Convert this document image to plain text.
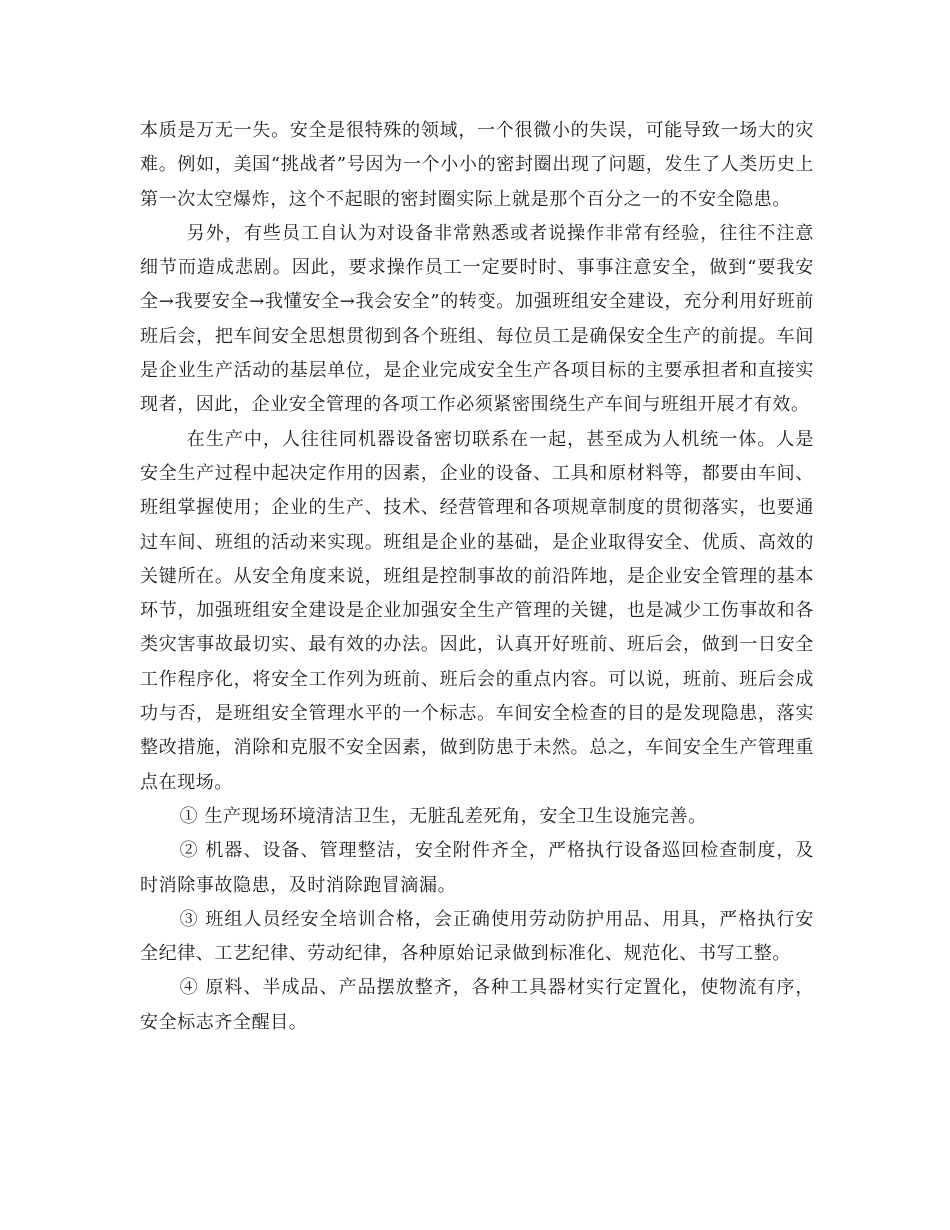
本质是万无一失。安全是很特殊的领域，一个很微小的失误，可能导致一场大的灾难。例如，美国“挑战者”号因为一个小小的密封圈出现了问题，发生了人类历史上第一次太空爆炸，这个不起眼的密封圈实际上就是那个百分之一的不安全隐患。

另外，有些员工自认为对设备非常熟悉或者说操作非常有经验，往往不注意细节而造成悲剧。因此，要求操作员工一定要时时、事事注意安全，做到“要我安全→我要安全→我懂安全→我会安全”的转变。加强班组安全建设，充分利用好班前班后会，把车间安全思想贯彻到各个班组、每位员工是确保安全生产的前提。车间是企业生产活动的基层单位，是企业完成安全生产各项目标的主要承担者和直接实现者，因此，企业安全管理的各项工作必须紧密围绕生产车间与班组开展才有效。

在生产中，人往往同机器设备密切联系在一起，甚至成为人机统一体。人是安全生产过程中起决定作用的因素，企业的设备、工具和原材料等，都要由车间、班组掌握使用；企业的生产、技术、经营管理和各项规章制度的贯彻落实，也要通过车间、班组的活动来实现。班组是企业的基础，是企业取得安全、优质、高效的关键所在。从安全角度来说，班组是控制事故的前沿阵地，是企业安全管理的基本环节，加强班组安全建设是企业加强安全生产管理的关键，也是减少工伤事故和各类灾害事故最切实、最有效的办法。因此，认真开好班前、班后会，做到一日安全工作程序化，将安全工作列为班前、班后会的重点内容。可以说，班前、班后会成功与否，是班组安全管理水平的一个标志。车间安全检查的目的是发现隐患，落实整改措施，消除和克服不安全因素，做到防患于未然。总之，车间安全生产管理重点在现场。

① 生产现场环境清洁卫生，无脏乱差死角，安全卫生设施完善。

② 机器、设备、管理整洁，安全附件齐全，严格执行设备巡回检查制度，及时消除事故隐患，及时消除跑冒滴漏。

③ 班组人员经安全培训合格，会正确使用劳动防护用品、用具，严格执行安全纪律、工艺纪律、劳动纪律，各种原始记录做到标准化、规范化、书写工整。

④ 原料、半成品、产品摆放整齐，各种工具器材实行定置化，使物流有序，安全标志齐全醒目。
